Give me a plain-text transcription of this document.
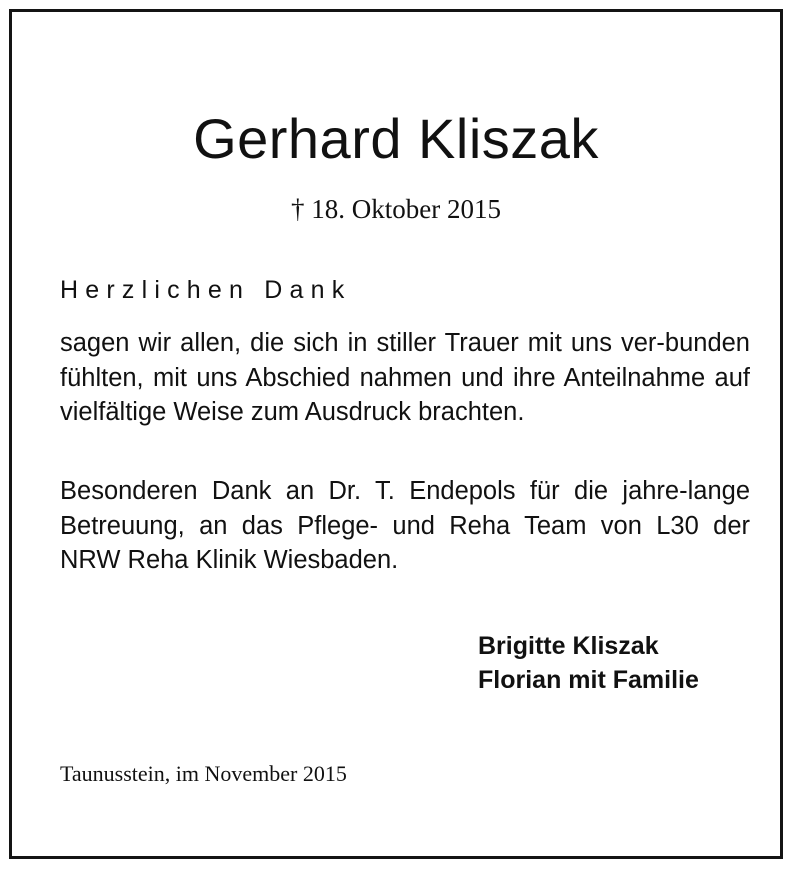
Gerhard Kliszak
† 18. Oktober 2015
Herzlichen Dank

sagen wir allen, die sich in stiller Trauer mit uns ver-bunden fühlten, mit uns Abschied nahmen und ihre Anteilnahme auf vielfältige Weise zum Ausdruck brachten.

Besonderen Dank an Dr. T. Endepols für die jahre-lange Betreuung, an das Pflege- und Reha Team von L30 der NRW Reha Klinik Wiesbaden.

Brigitte Kliszak
Florian mit Familie
Taunusstein, im November 2015
